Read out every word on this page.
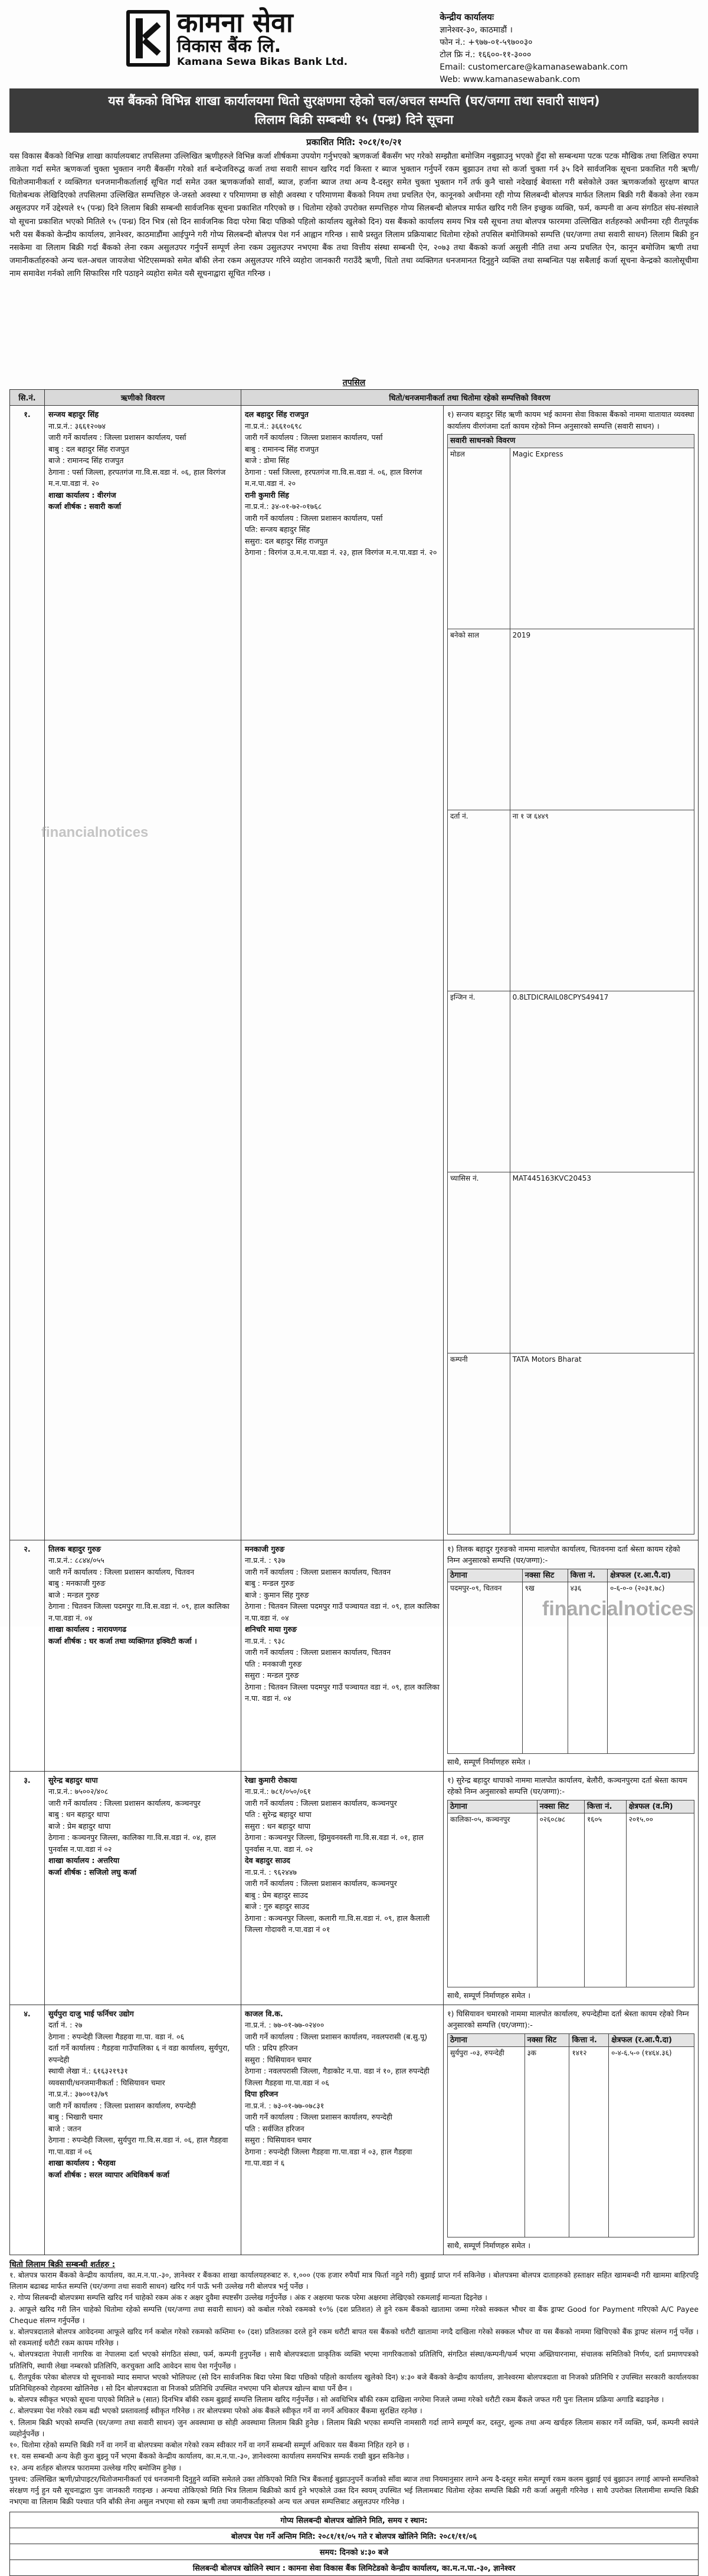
कामना सेवा
विकास बैंक लि.
Kamana Sewa Bikas Bank Ltd.
केन्द्रीय कार्यालयः
ज्ञानेश्वर-३०, काठमाडौं ।
फोन नं.: +९७७-०१-५९७००३०
टोल फ्रि नं.: १६६००-११-३०००
Email: customercare@kamanasewabank.com
Web: www.kamanasewabank.com
यस बैंकको विभिन्न शाखा कार्यालयमा धितो सुरक्षणमा रहेको चल/अचल सम्पत्ति (घर/जग्गा तथा सवारी साधन)
लिलाम बिक्री सम्बन्धी १५ (पन्ध्र) दिने सूचना
प्रकाशित मिति: २०८१/१०/२१
यस विकास बैंकको विभिन्न शाखा कार्यालयबाट तपसिलमा उल्लिखित ऋणीहरुले विभिन्न कर्जा शीर्षकमा उपयोग गर्नुभएको ऋणकर्जा बैंकसँग भए गरेको सम्झौता बमोजिम नबुझाउनु भएको हुँदा सो सम्बन्धमा पटक पटक मौखिक तथा लिखित रुपमा ताकेता गर्दा समेत ऋणकर्जा चुक्ता भुक्तान नगरी बैंकसँग गरेको शर्त बन्देजविरुद्ध कर्जा तथा सवारी साधन खरिद गर्दा किस्ता र ब्याज भुक्तान गर्नुपर्ने रकम बुझाउन तथा सो कर्जा चुक्ता गर्न ३५ दिने सार्वजनिक सूचना प्रकाशित गरी ऋणी/धितोजमानीकर्ता र व्यक्तिगत धनजमानीकर्तालाई सूचित गर्दा समेत उक्त ऋणकर्जाको सावाँ, ब्याज, हर्जाना ब्याज तथा अन्य दै-दस्तुर समेत चुक्ता भुक्तान गर्ने तर्फ कुनै चासो नदेखाई बेवास्ता गरी बसेकोले उक्त ऋणकर्जाको सुरक्षण बापत धितोबन्धक लेखिदिएको तपसिलमा उल्लिखित सम्पत्तिहरु जे-जस्तो अवस्था र परिमाणमा छ सोही अवस्था र परिमाणमा बैंकको नियम तथा प्रचलित ऐन, कानूनको अधीनमा रही गोप्य सिलबन्दी बोलपत्र मार्फत लिलाम बिक्री गरी बैंकको लेना रकम असुलउपर गर्ने उद्देश्यले १५ (पन्ध्र) दिने लिलाम बिक्री सम्बन्धी सार्वजनिक सूचना प्रकाशित गरिएको छ । धितोमा रहेको उपरोक्त सम्पत्तिहरु गोप्य सिलबन्दी बोलपत्र मार्फत खरिद गरी लिन इच्छुक व्यक्ति, फर्म, कम्पनी वा अन्य संगठित संघ-संस्थाले यो सूचना प्रकाशित भएको मितिले १५ (पन्ध्र) दिन भित्र (सो दिन सार्वजनिक विदा परेमा बिदा पछिको पहिलो कार्यालय खुलेको दिन) यस बैंकको कार्यालय समय भित्र यसै सूचना तथा बोलपत्र फारममा उल्लिखित शर्तहरुको अधीनमा रही रीतपूर्वक भरी यस बैंकको केन्द्रीय कार्यालय, ज्ञानेश्वर, काठमाडौंमा आईपुग्ने गरी गोप्य सिलबन्दी बोलपत्र पेश गर्न आह्वान गरिन्छ । साथै प्रस्तुत लिलाम प्रक्रियाबाट धितोमा रहेको तपसिल बमोजिमको सम्पत्ति (घर/जग्गा तथा सवारी साधन) लिलाम बिक्री हुन नसकेमा वा लिलाम बिक्री गर्दा बैंकको लेना रकम असुलउपर गर्नुपर्ने सम्पूर्ण लेना रकम उसुलउपर नभएमा बैंक तथा वित्तीय संस्था सम्बन्धी ऐन, २०७३ तथा बैंकको कर्जा असुली नीति तथा अन्य प्रचलित ऐन, कानून बमोजिम ऋणी तथा जमानीकर्ताहरुको अन्य चल-अचल जायजेथा भेटिएसम्मको समेत बाँकी लेना रकम असुलउपर गरिने व्यहोरा जानकारी गराउँदै ऋणी, धितो तथा व्यक्तिगत धनजमानत दिनुहुने व्यक्ति तथा सम्बन्धित पक्ष सबैलाई कर्जा सूचना केन्द्रको कालोसूचीमा नाम समावेश गर्नको लागि सिफारिस गरि पठाइने व्यहोरा समेत यसै सूचनाद्वारा सूचित गरिन्छ ।
तपसिल
सि.नं.	ऋणीको विवरण	धितो/धनजमानीकर्ता तथा धितोमा रहेको सम्पत्तिको विवरण
१.	सन्जय बहादुर सिंह
ना.प्र.नं.: ३६६१२०७४
जारी गर्ने कार्यालय : जिल्ला प्रशासन कार्यालय, पर्सा
बाबु : दल बहादुर सिंह राजपुत
बाजे : रामानन्द सिंह राजपुत
ठेगाना : पर्सा जिल्ला, हरपतगंज गा.वि.स.वडा नं. ०६, हाल विरगंज म.न.पा.वडा नं. २०
शाखा कार्यालय : वीरगंज
कर्जा शीर्षक : सवारी कर्जा

दल बहादुर सिंह राजपुत
ना.प्र.नं.: ३६६१०६९८
जारी गर्ने कार्यालय : जिल्ला प्रशासन कार्यालय, पर्सा
बाबु : रामानन्द सिंह राजपुत
बाजे : डोमा सिंह
ठेगाना : पर्सा जिल्ला, हरपतगंज गा.वि.स.वडा नं. ०६, हाल विरगंज म.न.पा.वडा नं. २०
रानी कुमारी सिंह
ना.प्र.नं.: ३४-०१-७२-०१७६८
जारी गर्ने कार्यालय : जिल्ला प्रशासन कार्यालय, पर्सा
पति: सन्जय बहादुर सिंह
ससुरा: दल बहादुर सिंह राजपुत
ठेगाना : विरगंज उ.म.न.पा.वडा नं. २३, हाल विरगंज म.न.पा.वडा नं. २०

१) सन्जय बहादुर सिंह ऋणी कायम भई कामना सेवा विकास बैंकको नाममा यातायात व्यवस्था कार्यालय वीरगंजमा दर्ता कायम रहेको निम्न अनुसारको सम्पत्ति (सवारी साधन) ।
सवारी साधनको विवरण
मोडल	Magic Express
बनेको साल	2019
दर्ता नं.	ना १ ज ६४४९
इन्जिन नं.	0.8LTDICRAIL08CPYS49417
च्यासिस नं.	MAT445163KVC20453
कम्पनी	TATA Motors Bharat

२.	तिलक बहादुर गुरुङ
ना.प्र.नं.: ८८४४/०५५
जारी गर्ने कार्यालय : जिल्ला प्रशासन कार्यालय, चितवन
बाबु : मनकाजी गुरुङ
बाजे : मन्डल गुरुङ
ठेगाना : चितवन जिल्ला पदमपुर गा.वि.स.वडा नं. ०९, हाल कालिका न.पा.वडा नं. ०४
शाखा कार्यालय : नारायणगढ
कर्जा शीर्षक : घर कर्जा तथा व्यक्तिगत इक्विटी कर्जा ।

मनकाजी गुरुङ
ना.प्र.नं. : ९३७
जारी गर्ने कार्यालय : जिल्ला प्रशासन कार्यालय, चितवन
बाबु : मन्डल गुरुङ
बाजे : कुमान सिंह गुरुङ
ठेगाना : चितवन जिल्ला पदमपुर गाउँ पञ्चायत वडा नं. ०९, हाल कालिका न.पा.वडा नं. ०४
शनिचरि माया गुरुङ
ना.प्र.नं. : ९३८
जारी गर्ने कार्यालय : जिल्ला प्रशासन कार्यालय, चितवन
पति : मनकाजी गुरुङ
ससुरा : मन्डल गुरुङ
ठेगाना : चितवन जिल्ला पदमपुर गाउँ पञ्चायत वडा नं. ०९, हाल कालिका न.पा. वडा नं. ०४

१) तिलक बहादुर गुरुङको नाममा मालपोत कार्यालय, चितवनमा दर्ता श्रेस्ता कायम रहेको निम्न अनुसारको सम्पत्ति (घर/जग्गा):-
ठेगाना	नक्सा सिट	कित्ता नं.	क्षेत्रफल (र.आ.पै.दा)
पदमपुर-०९, चितवन	९ख	४३६	०-६-०-० (२०३१.७८)
साथै, सम्पूर्ण निर्माणहरु समेत ।

३.	सुरेन्द्र बहादुर थापा
ना.प्र.नं.: ७५००२/४०८
जारी गर्ने कार्यालय : जिल्ला प्रशासन कार्यालय, कञ्चनपुर
बाबु : धन बहादुर थापा
बाजे : प्रेम बहादुर थापा
ठेगाना : कञ्चनपुर जिल्ला, कालिका गा.वि.स.वडा नं. ०४, हाल पुनर्वास न.पा.वडा नं ०२
शाखा कार्यालय : अत्तरिया
कर्जा शीर्षक : सजिलो लघु कर्जा

रेखा कुमारी रोकाया
ना.प्र.नं.: ७८१/०५०/०६१
जारी गर्ने कार्यालय : जिल्ला प्रशासन कार्यालय, कञ्चनपुर
पति : सुरेन्द्र बहादुर थापा
ससुरा : धन बहादुर थापा
ठेगाना : कञ्चनपुर जिल्ला, झिमुवनवस्ती गा.वि.स.वडा नं. ०१, हाल पुनर्वास न.पा. वडा नं. ०२
देव बहादुर साउद
ना.प्र.नं. : ९६२४४७
जारी गर्ने कार्यालय : जिल्ला प्रशासन कार्यालय, कञ्चनपुर
बाबु : प्रेम बहादुर साउद
बाजे : गुरु बहादुर साउद
ठेगाना : कञ्चनपुर जिल्ला, कलारी गा.वि.स.वडा नं. ०९, हाल कैलाली जिल्ला गोदावरी न.पा.वडा नं ०१

१) सुरेन्द्र बहादुर थापाको नाममा मालपोत कार्यालय, बेलौरी, कञ्चनपुरमा दर्ता श्रेस्ता कायम रहेको निम्न अनुसारको सम्पत्ति (घर/जग्गा):-
ठेगाना	नक्सा सिट	कित्ता नं.	क्षेत्रफल (व.मि)
कालिका-०५, कञ्चनपुर	०२६०८७८	१६०५	२०१५.००
साथै, सम्पूर्ण निर्माणहरु समेत ।

४.	सुर्यपुरा दाजु भाई फर्निचर उद्योग
दर्ता नं. : २७
ठेगाना : रुपन्देही जिल्ला गैडहवा गा.पा. वडा नं. ०६
दर्ता गर्ने कार्यालय : गैडहवा गाउँपालिका ६ नं वडा कार्यालय, सुर्यपुरा, रुपन्देही
स्थायी लेखा नं.: ६१६३२१९३१
व्यवसायी/धनजमानीकर्ता : घिसियावन चमार
ना.प्र.नं.: ३७००१३/७९
जारी गर्ने कार्यालय : जिल्ला प्रशासन कार्यालय, रुपन्देही
बाबु : भिखारी चमार
बाजे : जतन
ठेगाना : रुपन्देही जिल्ला, सुर्यपुरा गा.वि.स.वडा नं. ०६, हाल गैडहवा गा.पा.वडा नं ०६
शाखा कार्यालय : भैरहवा
कर्जा शीर्षक : सरल व्यापार अधिविकर्ष कर्जा

काजल वि.क.
ना.प्र.नं. : ७७-०१-७७-०२४००
जारी गर्ने कार्यालय : जिल्ला प्रशासन कार्यालय, नवलपरासी (ब.सु.पू)
पति : प्रदिप हरिजन
ससुरा : घिसियावन चमार
ठेगाना : नवलपरासी जिल्ला, गैडाकोट न.पा. वडा नं १०, हाल रुपन्देही जिल्ला गैडहवा गा.पा.वडा नं ०६
दिपा हरिजन
ना.प्र.नं. : ७३-०१-७७-०७८३१
जारी गर्ने कार्यालय : जिल्ला प्रशासन कार्यालय, रुपन्देही
पति : सर्वजित हरिजन
ससुरा : घिसियावन चमार
ठेगाना : रुपन्देही जिल्ला गैडहवा गा.पा.वडा नं ०३, हाल गैडहवा गा.पा.वडा नं ६

१) घिसियावन चमारको नाममा मालपोत कार्यालय, रुपन्देहीमा दर्ता श्रेस्ता कायम रहेको निम्न अनुसारको सम्पत्ति (घर/जग्गा):-
ठेगाना	नक्सा सिट	कित्ता नं.	क्षेत्रफल (र.आ.पै.दा)
सुर्यपुरा -०३, रुपन्देही	३क	१४१२	०-४-६.५-० (१४६४.३६)
साथै, सम्पूर्ण निर्माणहरु समेत ।
धितो लिलाम बिक्री सम्बन्धी शर्तहरु :

१. बोलपत्र फाराम बैंकको केन्द्रीय कार्यालय, का.म.न.पा.-३०, ज्ञानेश्वर र बैंकका शाखा कार्यालयहरुबाट रु. १,००० (एक हजार रुपैयाँ मात्र फिर्ता नहुने गरी) बुझाई प्राप्त गर्न सकिनेछ । बोलपत्रमा बोलपत्र दाताहरुको हस्ताक्षर सहित खामबन्दी गरी खाममा बाहिरपट्टि लिलाम बढाबढ मार्फत सम्पत्ति (घर/जग्गा तथा सवारी साधन) खरिद गर्न पाऊँ भनी उल्लेख गरी बोलपत्र भर्नु पर्नेछ ।

२. गोप्य सिलबन्दी बोलपत्रमा सम्पत्ति खरिद गर्न चाहेको रकम अंक र अक्षर दुवैमा स्पष्टसँग उल्लेख गर्नुपर्नेछ । अंक र अक्षरमा फरक परेमा अक्षरमा लेखिएको रकमलाई मान्यता दिइनेछ ।

३. आफूले खरिद गरी लिन चाहेको धितोमा रहेको सम्पत्ति (घर/जग्गा तथा सवारी साधन) को कबोल गरेको रकमको १०% (दश प्रतिशत) ले हुने रकम बैंकको खातामा जम्मा गरेको सक्कल भौचर वा बैंक ड्राफ्ट Good for Payment गरिएको A/C Payee Cheque संलग्न गर्नुपर्नेछ ।

४. बोलपत्रदाताले बोलपत्र आवेदनमा आफूले खरिद गर्न कबोल गरेको रकमको कम्तिमा १० (दश) प्रतिशतका दरले हुने रकम धरौटी बापत यस बैंकको धरौटी खातामा नगदै दाखिला गरेको सक्कल भौचर वा यस बैंकको नाममा खिचिएको बैंक ड्राफ्ट संलग्न गर्नु पर्नेछ । सो रकमलाई धरौटी रकम कायम गरिनेछ ।

५. बोलपत्रदाता नेपाली नागरिक वा नेपालमा दर्ता भएको संगठित संस्था, फर्म, कम्पनी हुनुपर्नेछ । साथै बोलपत्रदाता प्राकृतिक व्यक्ति भएमा नागरिकताको प्रतिलिपि, संगठित संस्था/कम्पनी/फर्म भएमा अख्तियारनामा, संचालक समितिको निर्णय, दर्ता प्रमाणपत्रको प्रतिलिपि, स्थायी लेखा नम्बरको प्रतिलिपि, करचुक्ता आदि आवेदन साथ पेश गर्नुपर्नेछ ।

६. रीतपूर्वक परेका बोलपत्र यो सूचनाको म्याद समाप्त भएको भोलिपल्ट (सो दिन सार्वजनिक बिदा परेमा बिदा पछिको पहिलो कार्यालय खुलेको दिन) ४:३० बजे बैंकको केन्द्रीय कार्यालय, ज्ञानेश्वरमा बोलपत्रदाता वा निजको प्रतिनिधि र उपस्थित सरकारी कार्यालयका प्रतिनिधिहरुको रोहवरमा खोलिनेछ । सो दिन बोलपत्रदाता वा निजको प्रतिनिधि उपस्थित नभएमा पनि बोलपत्र खोल्न बाधा पर्ने छैन ।

७. बोलपत्र स्वीकृत भएको सूचना पाएको मितिले ७ (सात) दिनभित्र बाँकी रकम बुझाई सम्पत्ति लिलाम खरिद गर्नुपर्नेछ । सो अवधिभित्र बाँकी रकम दाखिला नगरेमा निजले जम्मा गरेको धरौटी रकम बैंकले जफत गरी पुनः लिलाम प्रक्रिया अगाडि बढाइनेछ ।

८. बोलपत्रमा पेश गरेको रकम बढी भएको प्रस्तावलाई स्वीकृत गरिनेछ । तर बोलपत्रमा परेको अंक बैंकले स्वीकृत गर्ने वा नगर्ने अधिकार बैंकमा सुरक्षित रहनेछ ।

९. लिलाम बिक्री भएको सम्पत्ति (घर/जग्गा तथा सवारी साधन) जुन अवस्थामा छ सोही अवस्थामा लिलाम बिक्री हुनेछ । लिलाम बिक्री भएका सम्पत्ति नामसारी गर्दा लाग्ने सम्पूर्ण कर, दस्तुर, शुल्क तथा अन्य खर्चहरु लिलाम सकार गर्ने व्यक्ति, फर्म, कम्पनी स्वयंले व्यहोर्नुपर्नेछ ।

१०. धितोमा रहेको सम्पत्ति बिक्री गर्ने वा नगर्ने वा बोलपत्रमा कबोल गरेको रकम स्वीकार गर्ने वा नगर्ने सम्बन्धी सम्पूर्ण अधिकार यस बैंकमा निहित रहने छ ।

११. यस सम्बन्धी अन्य केही कुरा बुझ्नु पर्ने भएमा बैंकको केन्द्रीय कार्यालय, का.म.न.पा.-३०, ज्ञानेश्वरमा कार्यालय समयभित्र सम्पर्क राखी बुझ्न सकिनेछ ।

१२. अन्य शर्तहरु बोलपत्र फाराममा उल्लेख गरिए बमोजिम हुनेछ ।

पुनश्च: उल्लिखित ऋणी/प्रोपाइटर/धितोजमानीकर्ता एवं धनजमानी दिनुहुने व्यक्ति समेतले उक्त तोकिएको मिति भित्र बैंकलाई बुझाउनुपर्ने कर्जाको साँवा ब्याज तथा नियमानुसार लाग्ने अन्य दै-दस्तुर समेत सम्पूर्ण रकम कलम बुझाई एवं बुझाउन लगाई आफ्नो सम्पत्तिको संरक्षण गर्नु हुन यसै सूचनाद्वारा पुनः जानकारी गराइन्छ । अन्यथा तोकिएको मिति भित्र लिलाम बिक्रीको कार्य हुने भएकोले उक्त दिन स्वयम् उपस्थित भई लिलामबाट धितोमा रहेका सम्पत्ति बिक्री गरी कर्जा असुली गरिनेछ । साथै उपरोक्त लिलामीमा सम्पत्ति बिक्री नभएमा वा लिलाम बिक्री पश्चात पनि बाँकी लेना असुल नभएमा सो रकम ऋणी तथा जमानीकर्ताहरुको अन्य चल अचल सम्पत्तिबाट असुलउपर गरिनेछ ।

गोप्य सिलबन्दी बोलपत्र खोलिने मिति, समय र स्थान:
बोलपत्र पेश गर्ने अन्तिम मिति: २०८१/११/०५ गते र बोलपत्र खोलिने मिति: २०८१/११/०६
समय: दिनको ४:३० बजे
सिलबन्दी बोलपत्र खोलिने स्थान : कामना सेवा विकास बैंक लिमिटेडको केन्द्रीय कार्यालय, का.म.न.पा.-३०, ज्ञानेश्वर
financialnotices
financialnotices
